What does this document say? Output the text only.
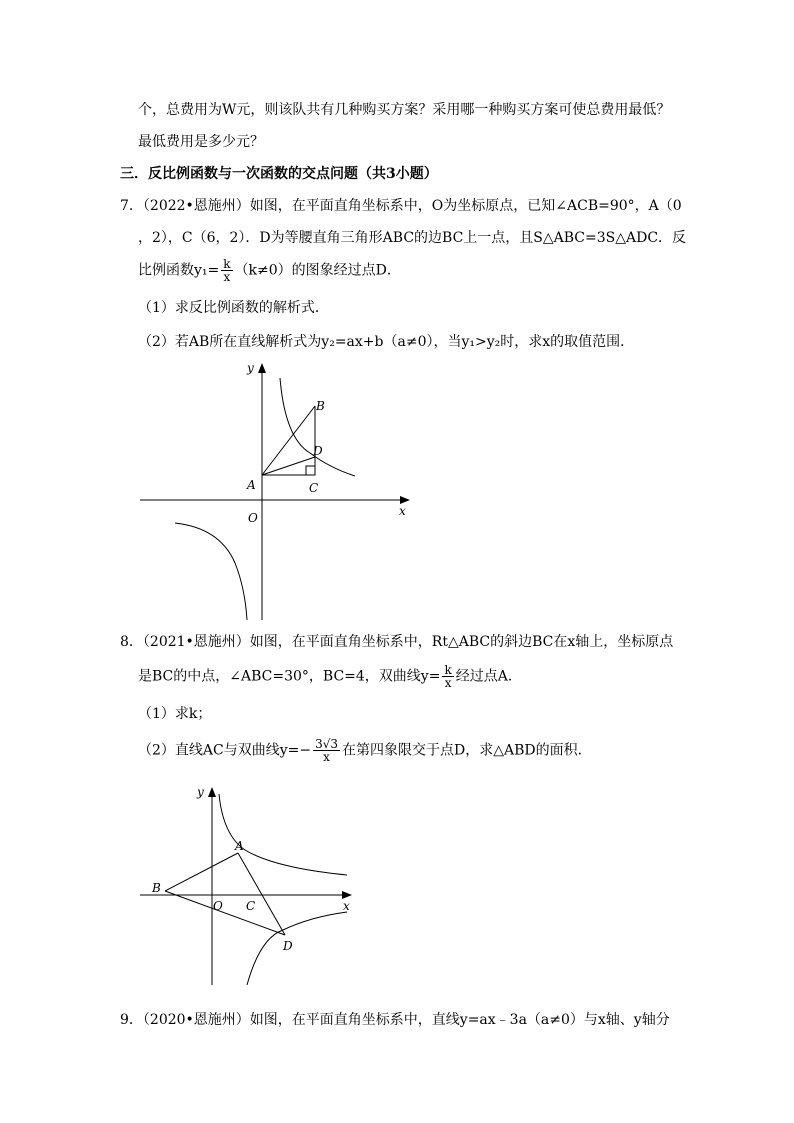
个，总费用为W元，则该队共有几种购买方案？采用哪一种购买方案可使总费用最低？
最低费用是多少元？
三．反比例函数与一次函数的交点问题（共3小题）
7．（2022•恩施州）如图，在平面直角坐标系中，O为坐标原点，已知∠ACB=90°，A（0
，2），C（6，2）．D为等腰直角三角形ABC的边BC上一点，且S△ABC=3S△ADC．反
比例函数$y_1= \frac{k}{x} (k\ne 0)$的图象经过点D．
（1）求反比例函数的解析式．
（2）若AB所在直线解析式为y₂=ax+b（a≠0），当y₁>y₂时，求x的取值范围．
y
x
O
A
B
C
D
8．（2021•恩施州）如图，在平面直角坐标系中，Rt△ABC的斜边BC在x轴上，坐标原点
是BC的中点，∠ABC=30°，BC=4，双曲线$y= \frac{k}{x}$ 经过点A．
（1）求k；
（2）直线AC与双曲线$y=- \frac{3√3}{x}$ 在第四象限交于点D，求△ABD的面积．
y
x
O
A
B
C
D
9．（2020•恩施州）如图，在平面直角坐标系中，直线y=ax﹣3a（a≠0）与x轴、y轴分
